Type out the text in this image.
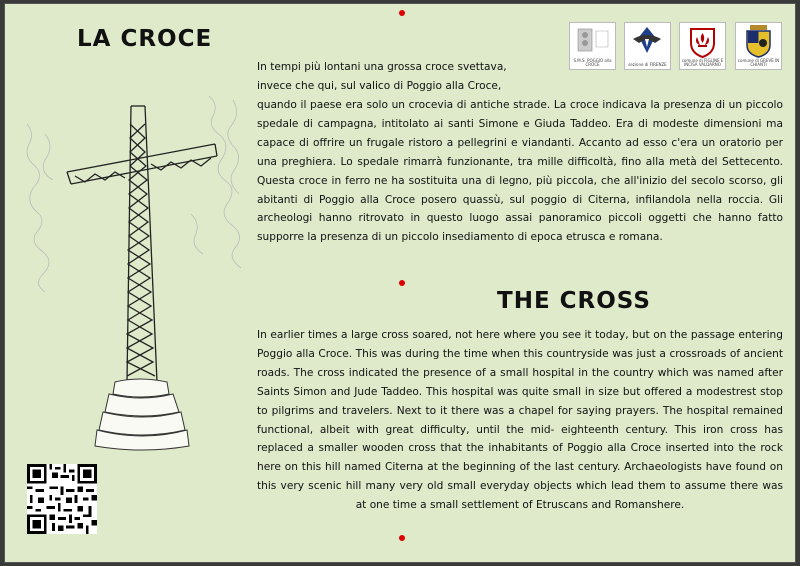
LA CROCE
THE CROSS

In tempi più lontani una grossa croce svettava, invece che qui, sul valico di Poggio alla Croce,

quando il paese era solo un crocevia di antiche strade. La croce indicava la presenza di un piccolo spedale di campagna, intitolato ai santi Simone e Giuda Taddeo. Era di modeste dimensioni ma capace di offrire un frugale ristoro a pellegrini e viandanti. Accanto ad esso c'era un oratorio per una preghiera. Lo spedale rimarrà funzionante, tra mille difficoltà, fino alla metà del Settecento. Questa croce in ferro ne ha sostituita una di legno, più piccola, che all'inizio del secolo scorso, gli abitanti di Poggio alla Croce posero quassù, sul poggio di Citerna, infilandola nella roccia. Gli archeologi hanno ritrovato in questo luogo assai panoramico piccoli oggetti che hanno fatto supporre la presenza di un piccolo insediamento di epoca etrusca e romana.

In earlier times a large cross soared, not here where you see it today, but on the passage entering Poggio alla Croce. This was during the time when this countryside was just a crossroads of ancient roads. The cross indicated the presence of a small hospital in the country which was named after Saints Simon and Jude Taddeo. This hospital was quite small in size but offered a modestrest stop to pilgrims and travelers. Next to it there was a chapel for saying prayers. The hospital remained functional, albeit with great difficulty, until the mid- eighteenth century. This iron cross has replaced a smaller wooden cross that the inhabitants of Poggio alla Croce inserted into the rock here on this hill named Citerna at the beginning of the last century. Archaeologists have found on this very scenic hill many very old small everyday objects which lead them to assume there was at one time a small settlement of Etruscans and Romanshere.

S.M.S. POGGIO alla CROCE	sezione di FIRENZE
comune di FIGLINE E INCISA VALDARNO
comune di GREVE IN CHIANTI
